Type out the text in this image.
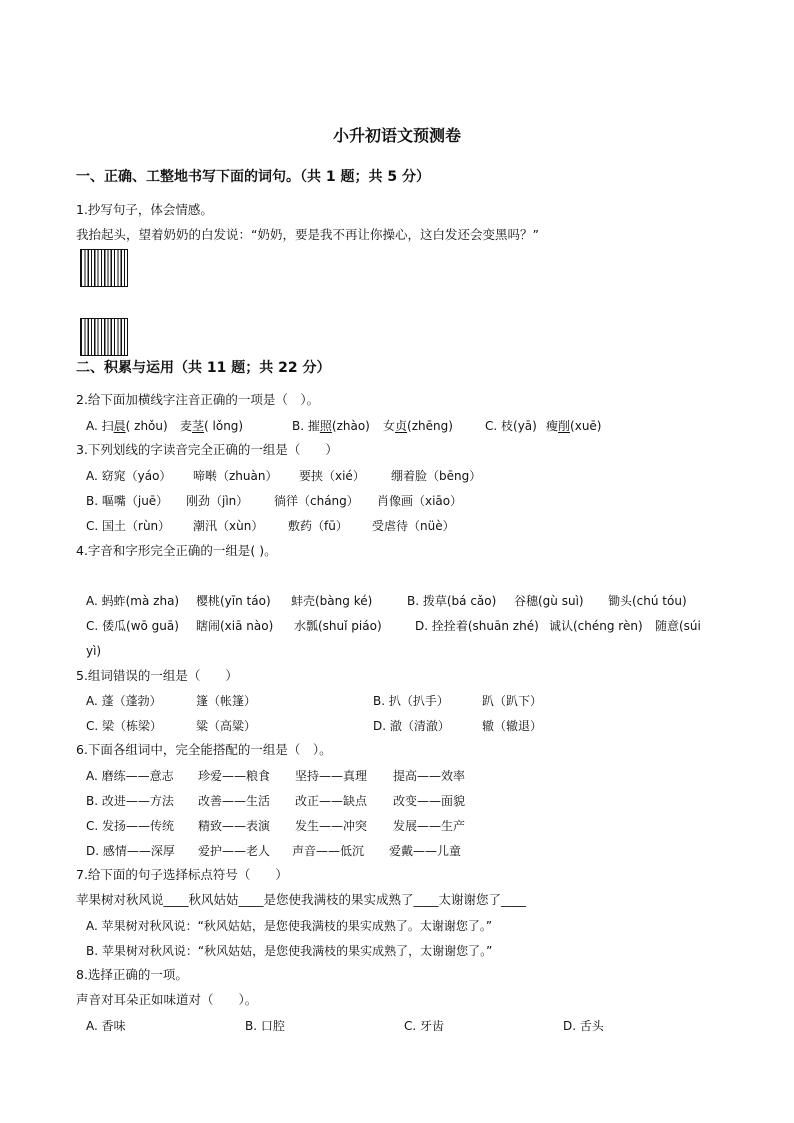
小升初语文预测卷
一、正确、工整地书写下面的词句。（共 1 题；共 5 分）
1.抄写句子，体会情感。
我抬起头，望着奶奶的白发说：“奶奶，要是我不再让你操心，这白发还会变黑吗？”
二、积累与运用（共 11 题；共 22 分）
2.给下面加横线字注音正确的一项是（　）。
A. 扫晨( zhǒu) 麦茎( lǒng)	B. 摧照(zhào) 女贞(zhēng)	C. 枝(yā) 瘦削(xuē)
3.下列划线的字读音完全正确的一组是（　　）
A. 窈窕（yáo） 啼啭（zhuàn） 要挟（xié） 绷着脸（bēng）
B. 嘔嘴（juē） 刚劲（jìn） 徜徉（cháng） 肖像画（xiāo）
C. 国土（rùn） 潮汛（xùn） 敷药（fū） 受虐待（nüè）
4.字音和字形完全正确的一组是( )。
A. 蚂蚱(mà zha) 樱桃(yīn táo) 蚌壳(bàng ké)	B. 拨草(bá cǎo) 谷穗(gù suì) 锄头(chú tóu)
C. 倭瓜(wō guā) 瞎闹(xiā nào) 水瓢(shuǐ piáo)	D. 拴拴着(shuān zhé) 诚认(chéng rèn) 随意(súi
yì)
5.组词错误的一组是（　　）
A. 蓬（蓬勃）	篷（帐篷）	B. 扒（扒手）	趴（趴下）
C. 梁（栋梁）	粱（高粱）	D. 澈（清澈）	辙（辙退）
6.下面各组词中，完全能搭配的一组是（　）。
A. 磨练——意志 珍爱——粮食 坚持——真理 提高——效率
B. 改进——方法 改善——生活 改正——缺点 改变——面貌
C. 发扬——传统 精致——表演 发生——冲突 发展——生产
D. 感情——深厚 爱护——老人 声音——低沉 爱戴——儿童
7.给下面的句子选择标点符号（　　）
苹果树对秋风说____秋风姑姑____是您使我满枝的果实成熟了____太谢谢您了____
A. 苹果树对秋风说：“秋风姑姑，是您使我满枝的果实成熟了。太谢谢您了。”
B. 苹果树对秋风说：“秋风姑姑，是您使我满枝的果实成熟了，太谢谢您了。”
8.选择正确的一项。
声音对耳朵正如味道对（　　）。
A. 香味	B. 口腔	C. 牙齿	D. 舌头
